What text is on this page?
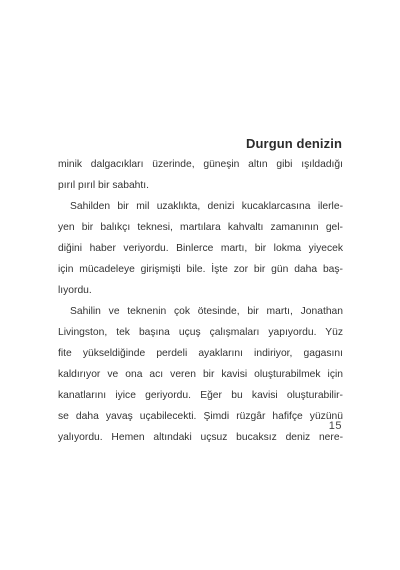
Durgun denizin
minik dalgacıkları üzerinde, güneşin altın gibi ışıldadığı
pırıl pırıl bir sabahtı.
Sahilden bir mil uzaklıkta, denizi kucaklarcasına ilerle-
yen bir balıkçı teknesi, martılara kahvaltı zamanının gel-
diğini haber veriyordu. Binlerce martı, bir lokma yiyecek
için mücadeleye girişmişti bile. İşte zor bir gün daha baş-
lıyordu.
Sahilin ve teknenin çok ötesinde, bir martı, Jonathan
Livingston, tek başına uçuş çalışmaları yapıyordu. Yüz
fite yükseldiğinde perdeli ayaklarını indiriyor, gagasını
kaldırıyor ve ona acı veren bir kavisi oluşturabilmek için
kanatlarını iyice geriyordu. Eğer bu kavisi oluşturabilir-
se daha yavaş uçabilecekti. Şimdi rüzgâr hafifçe yüzünü
yalıyordu. Hemen altındaki uçsuz bucaksız deniz nere-
15
